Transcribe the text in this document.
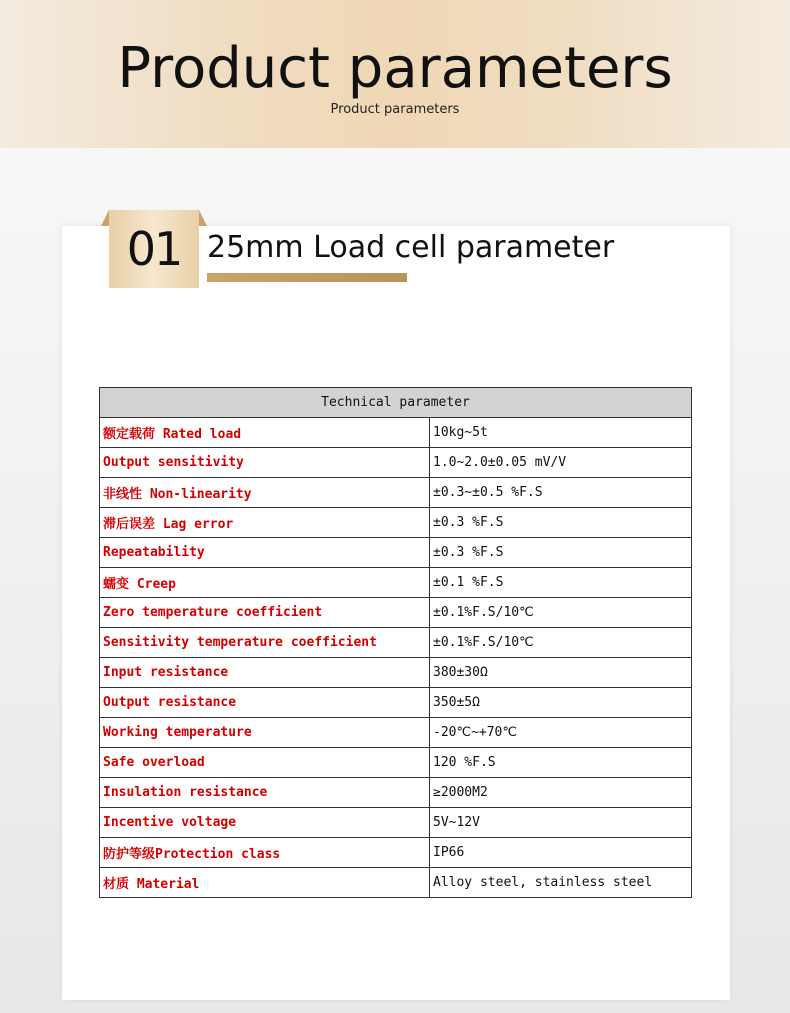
Product parameters
Product parameters
01 25mm Load cell parameter
Technical parameter	
额定载荷 Rated load	10kg~5t
Output sensitivity	1.0~2.0±0.05 mV/V
非线性 Non-linearity	±0.3~±0.5 %F.S
滞后误差 Lag error	±0.3 %F.S
Repeatability	±0.3 %F.S
蠕变 Creep	±0.1 %F.S
Zero temperature coefficient	±0.1%F.S/10℃
Sensitivity temperature coefficient	±0.1%F.S/10℃
Input resistance	380±30Ω
Output resistance	350±5Ω
Working temperature	-20℃~+70℃
Safe overload	120 %F.S
Insulation resistance	≥2000M2
Incentive voltage	5V~12V
防护等级Protection class	IP66
材质 Material	Alloy steel, stainless steel
